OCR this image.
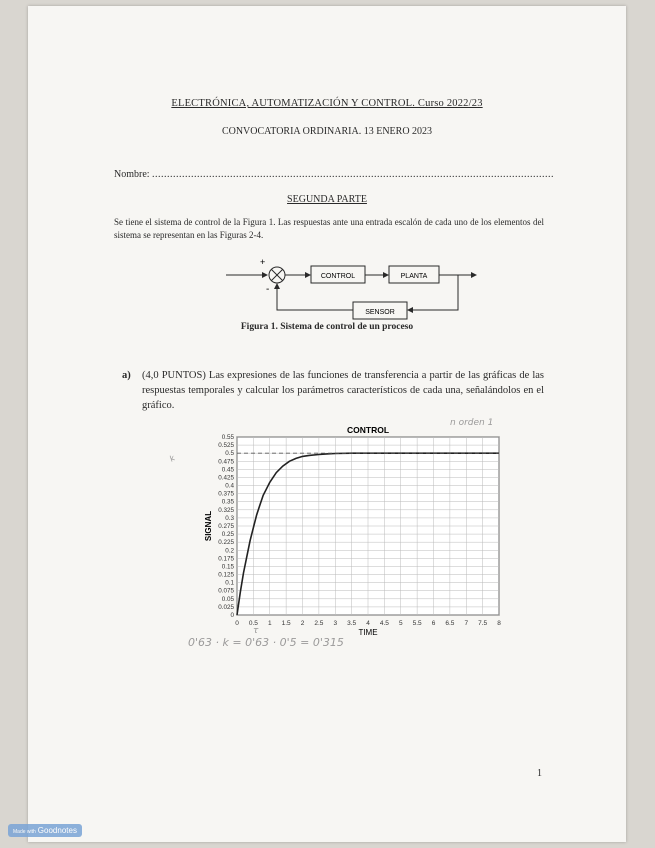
ELECTRÓNICA, AUTOMATIZACIÓN Y CONTROL. Curso 2022/23
CONVOCATORIA ORDINARIA. 13 ENERO 2023
Nombre: ......................................................................................................................................
SEGUNDA PARTE
Se tiene el sistema de control de la Figura 1. Las respuestas ante una entrada escalón de cada uno de los elementos del sistema se representan en las Figuras 2-4.
+
-
CONTROL	PLANTA
SENSOR
Figura 1. Sistema de control de un proceso
a) (4,0 PUNTOS) Las expresiones de las funciones de transferencia a partir de las gráficas de las respuestas temporales y calcular los parámetros característicos de cada una, señalándolos en el gráfico.
0 0.5 1 1.5 2 2.5 3 3.5 4 4.5 5 5.5 6 6.5 7 7.5 8
0
0.025
0.05
0.075
0.1
0.125
0.15
0.175
0.2
0.225
0.25
0.275
0.3
0.325
0.35
0.375
0.4
0.425
0.45
0.475
0.5
0.525
0.55
CONTROL
TIME
SIGNAL
n orden 1
τ
k
0'63 · k = 0'63 · 0'5 = 0'315
1
Made with Goodnotes
